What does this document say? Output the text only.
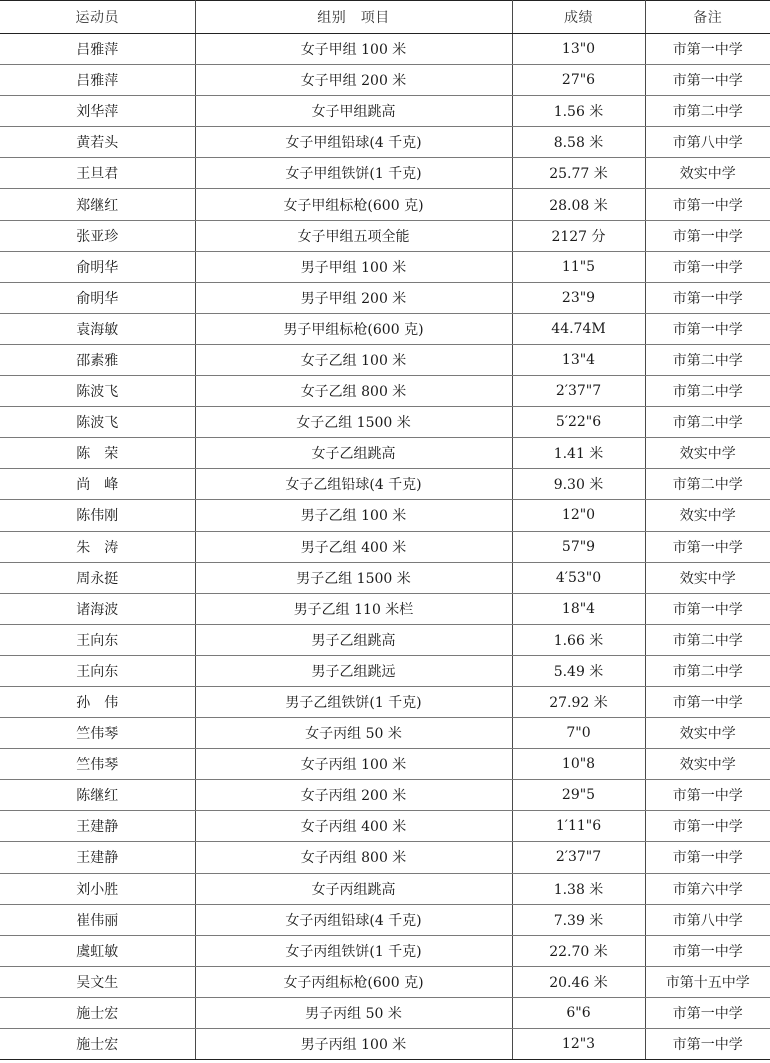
运动员	组别　项目	成绩	备注
吕雅萍	女子甲组 100 米	13"0	市第一中学
吕雅萍	女子甲组 200 米	27"6	市第一中学
刘华萍	女子甲组跳高	1.56 米	市第二中学
黄若头	女子甲组铅球(4 千克)	8.58 米	市第八中学
王旦君	女子甲组铁饼(1 千克)	25.77 米	效实中学
郑继红	女子甲组标枪(600 克)	28.08 米	市第一中学
张亚珍	女子甲组五项全能	2127 分	市第一中学
俞明华	男子甲组 100 米	11"5	市第一中学
俞明华	男子甲组 200 米	23"9	市第一中学
袁海敏	男子甲组标枪(600 克)	44.74M	市第一中学
邵素雅	女子乙组 100 米	13"4	市第二中学
陈波飞	女子乙组 800 米	2′37"7	市第二中学
陈波飞	女子乙组 1500 米	5′22"6	市第二中学
陈　荣	女子乙组跳高	1.41 米	效实中学
尚　峰	女子乙组铅球(4 千克)	9.30 米	市第二中学
陈伟刚	男子乙组 100 米	12"0	效实中学
朱　涛	男子乙组 400 米	57"9	市第一中学
周永挺	男子乙组 1500 米	4′53"0	效实中学
诸海波	男子乙组 110 米栏	18"4	市第一中学
王向东	男子乙组跳高	1.66 米	市第二中学
王向东	男子乙组跳远	5.49 米	市第二中学
孙　伟	男子乙组铁饼(1 千克)	27.92 米	市第一中学
竺伟琴	女子丙组 50 米	7"0	效实中学
竺伟琴	女子丙组 100 米	10"8	效实中学
陈继红	女子丙组 200 米	29"5	市第一中学
王建静	女子丙组 400 米	1′11"6	市第一中学
王建静	女子丙组 800 米	2′37"7	市第一中学
刘小胜	女子丙组跳高	1.38 米	市第六中学
崔伟丽	女子丙组铅球(4 千克)	7.39 米	市第八中学
虞虹敏	女子丙组铁饼(1 千克)	22.70 米	市第一中学
吴文生	女子丙组标枪(600 克)	20.46 米	市第十五中学
施士宏	男子丙组 50 米	6"6	市第一中学
施士宏	男子丙组 100 米	12"3	市第一中学
